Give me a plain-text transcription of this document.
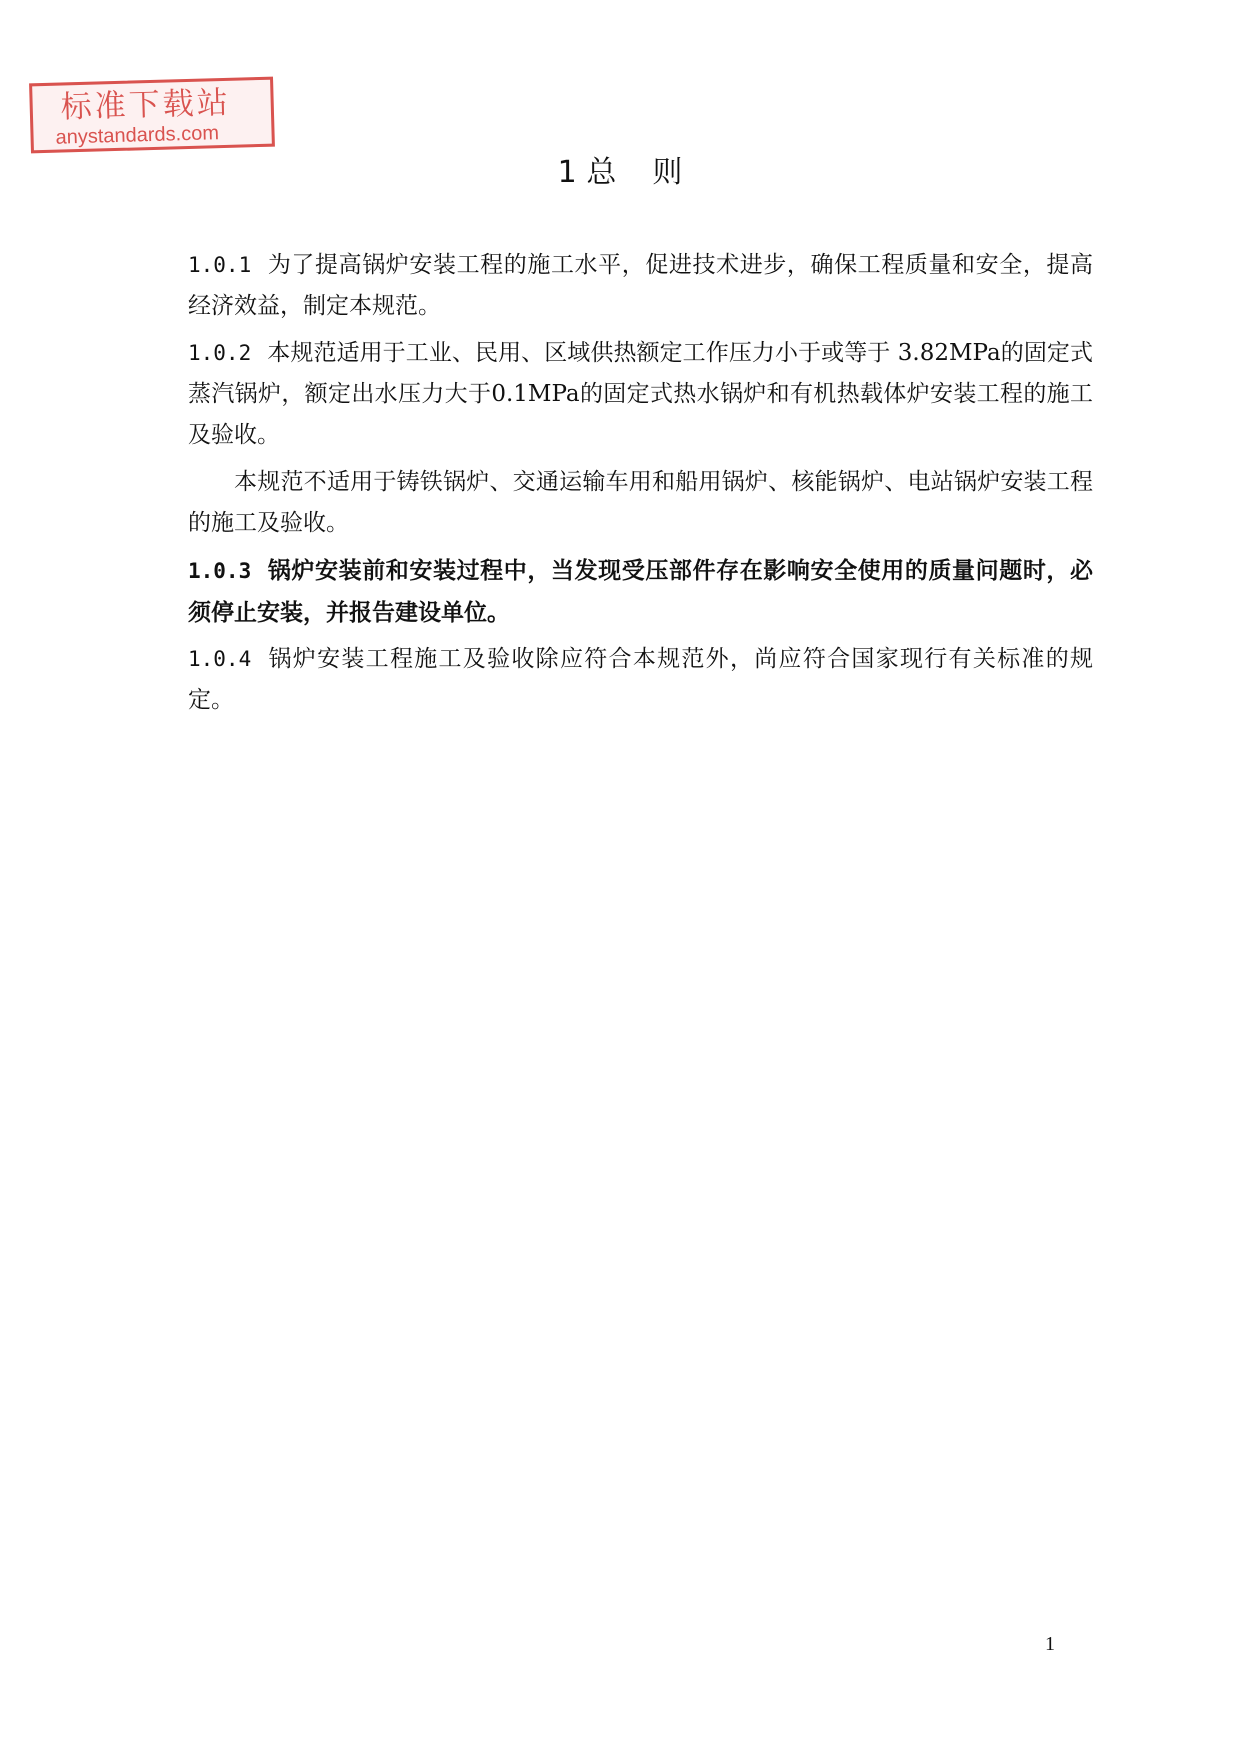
标准下载站
anystandards.com
1 总 则

1.0.1 为了提高锅炉安装工程的施工水平，促进技术进步，确保工程质量和安全，提高经济效益，制定本规范。

1.0.2 本规范适用于工业、民用、区域供热额定工作压力小于或等于 3.82MPa的固定式蒸汽锅炉，额定出水压力大于0.1MPa的固定式热水锅炉和有机热载体炉安装工程的施工及验收。

本规范不适用于铸铁锅炉、交通运输车用和船用锅炉、核能锅炉、电站锅炉安装工程的施工及验收。

1.0.3 锅炉安装前和安装过程中，当发现受压部件存在影响安全使用的质量问题时，必须停止安装，并报告建设单位。

1.0.4 锅炉安装工程施工及验收除应符合本规范外，尚应符合国家现行有关标准的规定。

1
